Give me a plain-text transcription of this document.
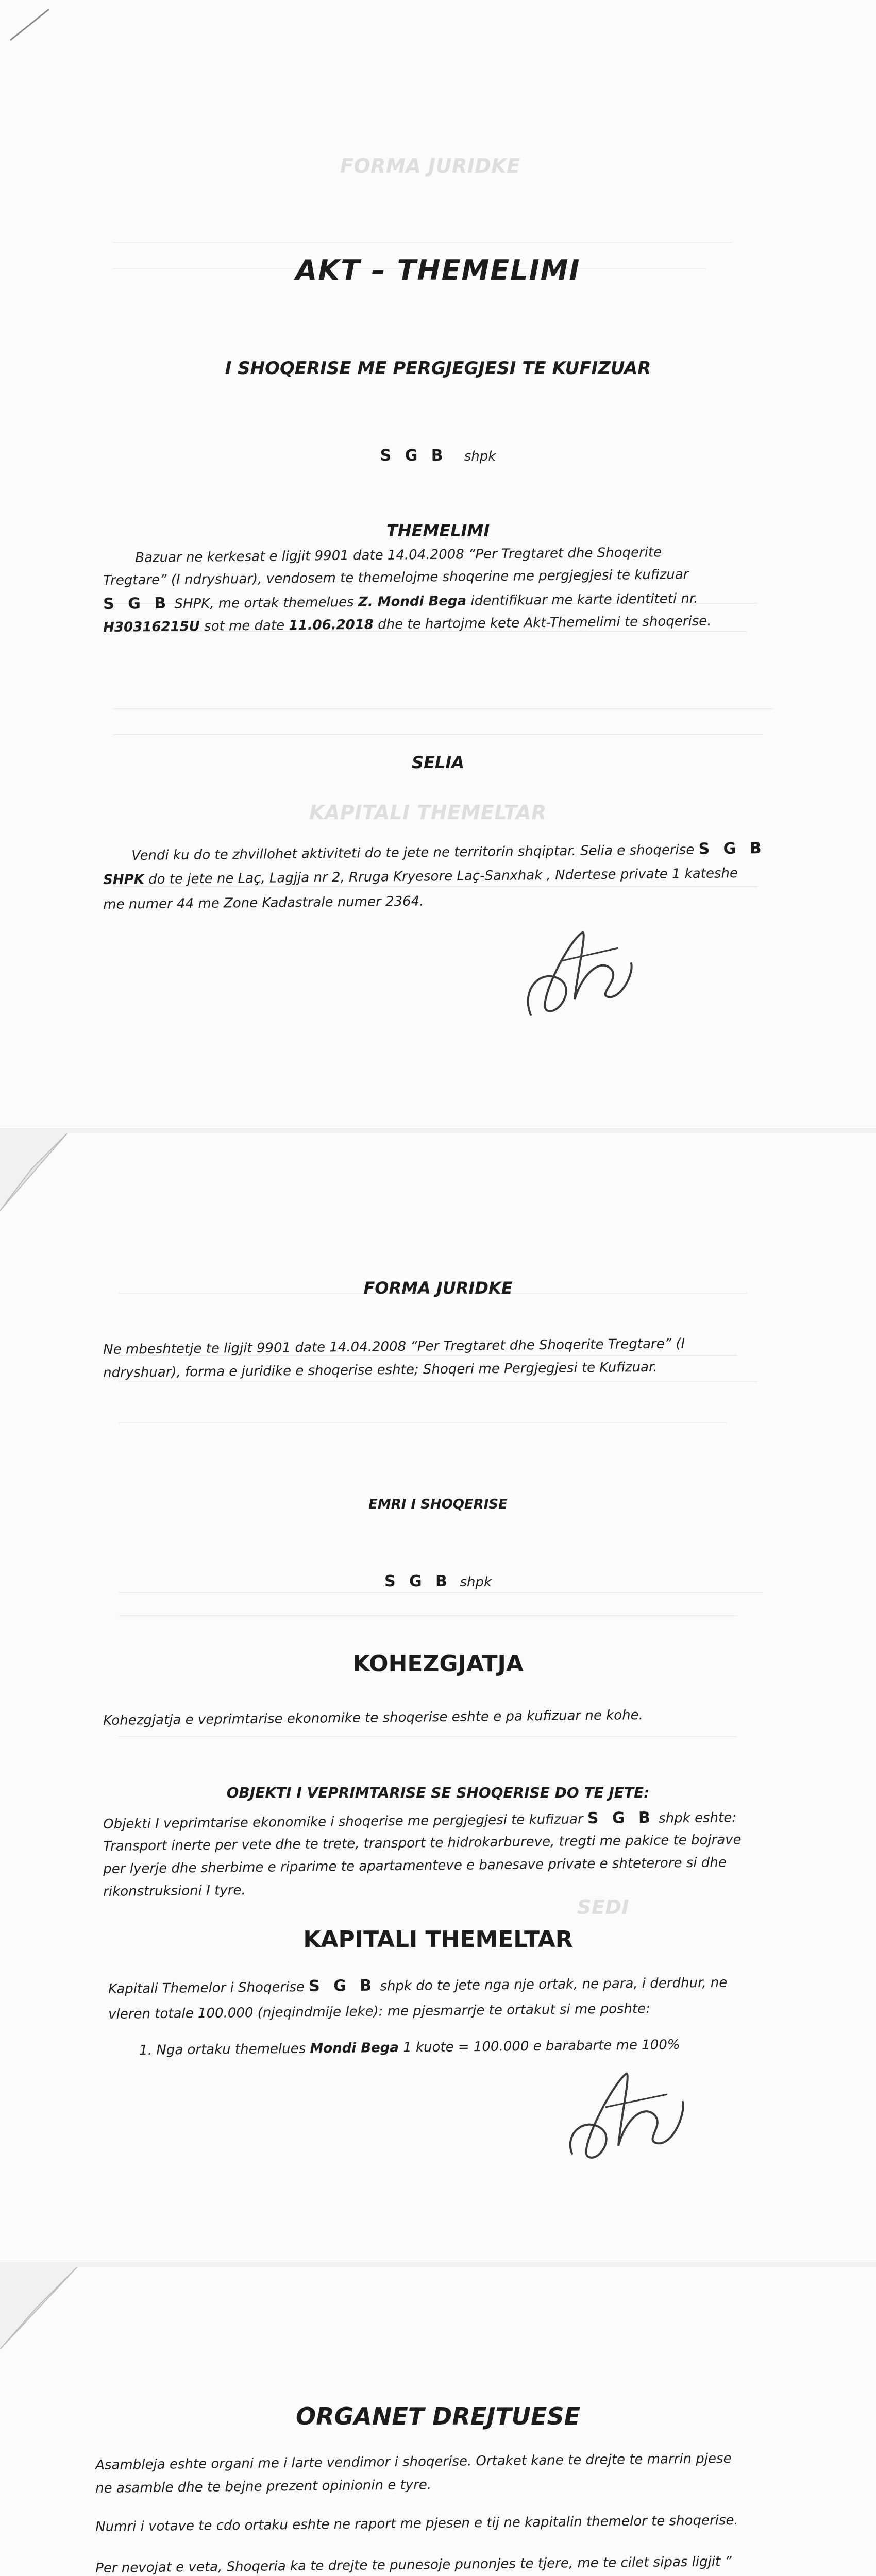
FORMA JURIDKE
KAPITALI THEMELTAR
AKT – THEMELIMI
I SHOQERISE ME PERGJEGJESI TE KUFIZUAR
S G B shpk
THEMELIMI
Bazuar ne kerkesat e ligjit 9901 date 14.04.2008 “Per Tregtaret dhe Shoqerite
Tregtare” (I ndryshuar), vendosem te themelojme shoqerine me pergjegjesi te kufizuar
S G B SHPK, me ortak themelues Z. Mondi Bega identifikuar me karte identiteti nr.
H30316215U sot me date 11.06.2018 dhe te hartojme kete Akt-Themelimi te shoqerise.
SELIA
Vendi ku do te zhvillohet aktiviteti do te jete ne territorin shqiptar. Selia e shoqerise S G B
SHPK do te jete ne Laç, Lagjja nr 2, Rruga Kryesore Laç-Sanxhak , Ndertese private 1 kateshe
me numer 44 me Zone Kadastrale numer 2364.
SEDI
FORMA JURIDKE
Ne mbeshtetje te ligjit 9901 date 14.04.2008 “Per Tregtaret dhe Shoqerite Tregtare” (I
ndryshuar), forma e juridike e shoqerise eshte; Shoqeri me Pergjegjesi te Kufizuar.
EMRI I SHOQERISE
S G B shpk
KOHEZGJATJA
Kohezgjatja e veprimtarise ekonomike te shoqerise eshte e pa kufizuar ne kohe.
OBJEKTI I VEPRIMTARISE SE SHOQERISE DO TE JETE:
Objekti I veprimtarise ekonomike i shoqerise me pergjegjesi te kufizuar S G B shpk eshte:
Transport inerte per vete dhe te trete, transport te hidrokarbureve, tregti me pakice te bojrave
per lyerje dhe sherbime e riparime te apartamenteve e banesave private e shteterore si dhe
rikonstruksioni I tyre.
KAPITALI THEMELTAR
Kapitali Themelor i Shoqerise S G B shpk do te jete nga nje ortak, ne para, i derdhur, ne
vleren totale 100.000 (njeqindmije leke): me pjesmarrje te ortakut si me poshte:
1. Nga ortaku themelues Mondi Bega 1 kuote = 100.000 e barabarte me 100%
ORGANET DREJTUESE
Asambleja eshte organi me i larte vendimor i shoqerise. Ortaket kane te drejte te marrin pjese
ne asamble dhe te bejne prezent opinionin e tyre.
Numri i votave te cdo ortaku eshte ne raport me pjesen e tij ne kapitalin themelor te shoqerise.
Per nevojat e veta, Shoqeria ka te drejte te punesoje punonjes te tjere, me te cilet sipas ligjit ”
